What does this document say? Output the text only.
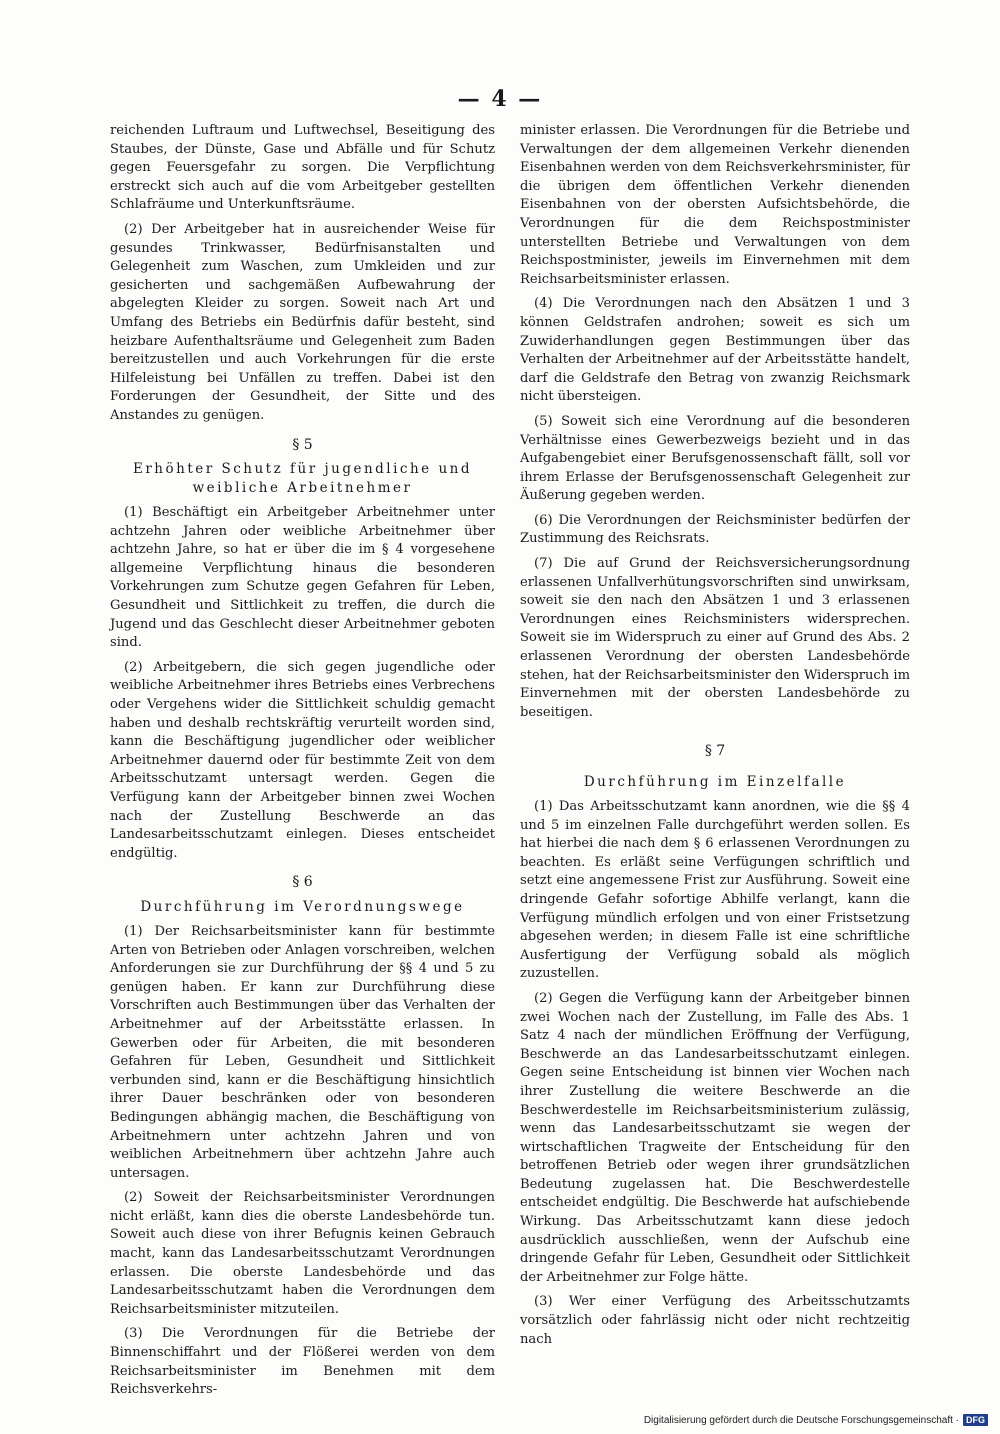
— 4 —

reichenden Luftraum und Luftwechsel, Beseitigung des Staubes, der Dünste, Gase und Abfälle und für Schutz gegen Feuersgefahr zu sorgen. Die Verpflichtung erstreckt sich auch auf die vom Arbeitgeber gestellten Schlafräume und Unterkunftsräume.

(2) Der Arbeitgeber hat in ausreichender Weise für gesundes Trinkwasser, Bedürfnisanstalten und Gelegenheit zum Waschen, zum Umkleiden und zur gesicherten und sachgemäßen Aufbewahrung der abgelegten Kleider zu sorgen. Soweit nach Art und Umfang des Betriebs ein Bedürfnis dafür besteht, sind heizbare Aufenthaltsräume und Gelegenheit zum Baden bereitzustellen und auch Vorkehrungen für die erste Hilfeleistung bei Unfällen zu treffen. Dabei ist den Forderungen der Gesundheit, der Sitte und des Anstandes zu genügen.

§ 5
Erhöhter Schutz für jugendliche und weibliche Arbeitnehmer

(1) Beschäftigt ein Arbeitgeber Arbeitnehmer unter achtzehn Jahren oder weibliche Arbeitnehmer über achtzehn Jahre, so hat er über die im § 4 vorgesehene allgemeine Verpflichtung hinaus die besonderen Vorkehrungen zum Schutze gegen Gefahren für Leben, Gesundheit und Sittlichkeit zu treffen, die durch die Jugend und das Geschlecht dieser Arbeitnehmer geboten sind.

(2) Arbeitgebern, die sich gegen jugendliche oder weibliche Arbeitnehmer ihres Betriebs eines Verbrechens oder Vergehens wider die Sittlichkeit schuldig gemacht haben und deshalb rechtskräftig verurteilt worden sind, kann die Beschäftigung jugendlicher oder weiblicher Arbeitnehmer dauernd oder für bestimmte Zeit von dem Arbeitsschutzamt untersagt werden. Gegen die Verfügung kann der Arbeitgeber binnen zwei Wochen nach der Zustellung Beschwerde an das Landesarbeitsschutzamt einlegen. Dieses entscheidet endgültig.

§ 6
Durchführung im Verordnungswege

(1) Der Reichsarbeitsminister kann für bestimmte Arten von Betrieben oder Anlagen vorschreiben, welchen Anforderungen sie zur Durchführung der §§ 4 und 5 zu genügen haben. Er kann zur Durchführung diese Vorschriften auch Bestimmungen über das Verhalten der Arbeitnehmer auf der Arbeitsstätte erlassen. In Gewerben oder für Arbeiten, die mit besonderen Gefahren für Leben, Gesundheit und Sittlichkeit verbunden sind, kann er die Beschäftigung hinsichtlich ihrer Dauer beschränken oder von besonderen Bedingungen abhängig machen, die Beschäftigung von Arbeitnehmern unter achtzehn Jahren und von weiblichen Arbeitnehmern über achtzehn Jahre auch untersagen.

(2) Soweit der Reichsarbeitsminister Verordnungen nicht erläßt, kann dies die oberste Landesbehörde tun. Soweit auch diese von ihrer Befugnis keinen Gebrauch macht, kann das Landesarbeitsschutzamt Verordnungen erlassen. Die oberste Landesbehörde und das Landesarbeitsschutzamt haben die Verordnungen dem Reichsarbeitsminister mitzuteilen.

(3) Die Verordnungen für die Betriebe der Binnenschiffahrt und der Flößerei werden von dem Reichsarbeitsminister im Benehmen mit dem Reichsverkehrs-

minister erlassen. Die Verordnungen für die Betriebe und Verwaltungen der dem allgemeinen Verkehr dienenden Eisenbahnen werden von dem Reichsverkehrsminister, für die übrigen dem öffentlichen Verkehr dienenden Eisenbahnen von der obersten Aufsichtsbehörde, die Verordnungen für die dem Reichspostminister unterstellten Betriebe und Verwaltungen von dem Reichspostminister, jeweils im Einvernehmen mit dem Reichsarbeitsminister erlassen.

(4) Die Verordnungen nach den Absätzen 1 und 3 können Geldstrafen androhen; soweit es sich um Zuwiderhandlungen gegen Bestimmungen über das Verhalten der Arbeitnehmer auf der Arbeitsstätte handelt, darf die Geldstrafe den Betrag von zwanzig Reichsmark nicht übersteigen.

(5) Soweit sich eine Verordnung auf die besonderen Verhältnisse eines Gewerbezweigs bezieht und in das Aufgabengebiet einer Berufsgenossenschaft fällt, soll vor ihrem Erlasse der Berufsgenossenschaft Gelegenheit zur Äußerung gegeben werden.

(6) Die Verordnungen der Reichsminister bedürfen der Zustimmung des Reichsrats.

(7) Die auf Grund der Reichsversicherungsordnung erlassenen Unfallverhütungsvorschriften sind unwirksam, soweit sie den nach den Absätzen 1 und 3 erlassenen Verordnungen eines Reichsministers widersprechen. Soweit sie im Widerspruch zu einer auf Grund des Abs. 2 erlassenen Verordnung der obersten Landesbehörde stehen, hat der Reichsarbeitsminister den Widerspruch im Einvernehmen mit der obersten Landesbehörde zu beseitigen.

§ 7
Durchführung im Einzelfalle

(1) Das Arbeitsschutzamt kann anordnen, wie die §§ 4 und 5 im einzelnen Falle durchgeführt werden sollen. Es hat hierbei die nach dem § 6 erlassenen Verordnungen zu beachten. Es erläßt seine Verfügungen schriftlich und setzt eine angemessene Frist zur Ausführung. Soweit eine dringende Gefahr sofortige Abhilfe verlangt, kann die Verfügung mündlich erfolgen und von einer Fristsetzung abgesehen werden; in diesem Falle ist eine schriftliche Ausfertigung der Verfügung sobald als möglich zuzustellen.

(2) Gegen die Verfügung kann der Arbeitgeber binnen zwei Wochen nach der Zustellung, im Falle des Abs. 1 Satz 4 nach der mündlichen Eröffnung der Verfügung, Beschwerde an das Landesarbeitsschutzamt einlegen. Gegen seine Entscheidung ist binnen vier Wochen nach ihrer Zustellung die weitere Beschwerde an die Beschwerdestelle im Reichsarbeitsministerium zulässig, wenn das Landesarbeitsschutzamt sie wegen der wirtschaftlichen Tragweite der Entscheidung für den betroffenen Betrieb oder wegen ihrer grundsätzlichen Bedeutung zugelassen hat. Die Beschwerdestelle entscheidet endgültig. Die Beschwerde hat aufschiebende Wirkung. Das Arbeitsschutzamt kann diese jedoch ausdrücklich ausschließen, wenn der Aufschub eine dringende Gefahr für Leben, Gesundheit oder Sittlichkeit der Arbeitnehmer zur Folge hätte.

(3) Wer einer Verfügung des Arbeitsschutzamts vorsätzlich oder fahrlässig nicht oder nicht rechtzeitig nach

Digitalisierung gefördert durch die Deutsche Forschungsgemeinschaft · DFG
